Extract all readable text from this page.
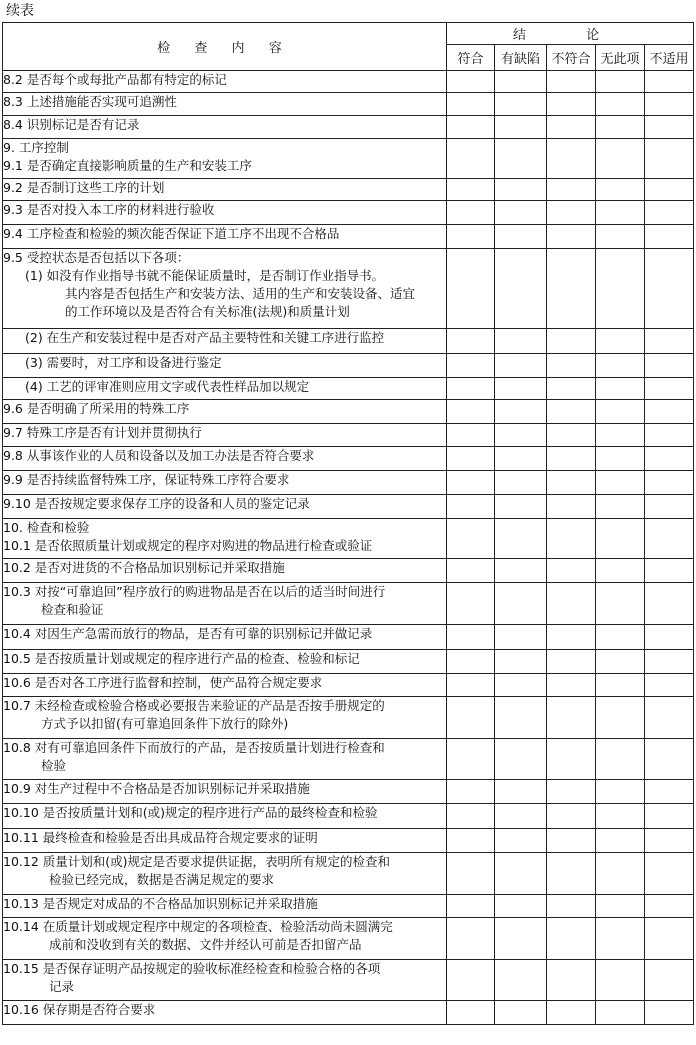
续表
检 查 内 容	结 论				
	符合	有缺陷	不符合	无此项	不适用

8.2 是否每个或每批产品都有特定的标记					

8.3 上述措施能否实现可追溯性					

8.4 识别标记是否有记录					

9. 工序控制
9.1 是否确定直接影响质量的生产和安装工序					

9.2 是否制订这些工序的计划					

9.3 是否对投入本工序的材料进行验收					

9.4 工序检查和检验的频次能否保证下道工序不出现不合格品					

9.5 受控状态是否包括以下各项：
(1) 如没有作业指导书就不能保证质量时，是否制订作业指导书。
其内容是否包括生产和安装方法、适用的生产和安装设备、适宜
的工作环境以及是否符合有关标准(法规)和质量计划					

(2) 在生产和安装过程中是否对产品主要特性和关键工序进行监控					

(3) 需要时，对工序和设备进行鉴定					

(4) 工艺的评审准则应用文字或代表性样品加以规定					

9.6 是否明确了所采用的特殊工序					

9.7 特殊工序是否有计划并贯彻执行					

9.8 从事该作业的人员和设备以及加工办法是否符合要求					

9.9 是否持续监督特殊工序，保证特殊工序符合要求					

9.10 是否按规定要求保存工序的设备和人员的鉴定记录					

10. 检查和检验
10.1 是否依照质量计划或规定的程序对购进的物品进行检查或验证					

10.2 是否对进货的不合格品加识别标记并采取措施					

10.3 对按“可靠追回”程序放行的购进物品是否在以后的适当时间进行
检查和验证					

10.4 对因生产急需而放行的物品，是否有可靠的识别标记并做记录					

10.5 是否按质量计划或规定的程序进行产品的检查、检验和标记					

10.6 是否对各工序进行监督和控制，使产品符合规定要求					

10.7 未经检查或检验合格或必要报告来验证的产品是否按手册规定的
方式予以扣留(有可靠追回条件下放行的除外)					

10.8 对有可靠追回条件下而放行的产品，是否按质量计划进行检查和
检验					

10.9 对生产过程中不合格品是否加识别标记并采取措施					

10.10 是否按质量计划和(或)规定的程序进行产品的最终检查和检验					

10.11 最终检查和检验是否出具成品符合规定要求的证明					

10.12 质量计划和(或)规定是否要求提供证据，表明所有规定的检查和
检验已经完成，数据是否满足规定的要求					

10.13 是否规定对成品的不合格品加识别标记并采取措施					

10.14 在质量计划或规定程序中规定的各项检查、检验活动尚未圆满完
成前和没收到有关的数据、文件并经认可前是否扣留产品					

10.15 是否保存证明产品按规定的验收标准经检查和检验合格的各项
记录					

10.16 保存期是否符合要求					
